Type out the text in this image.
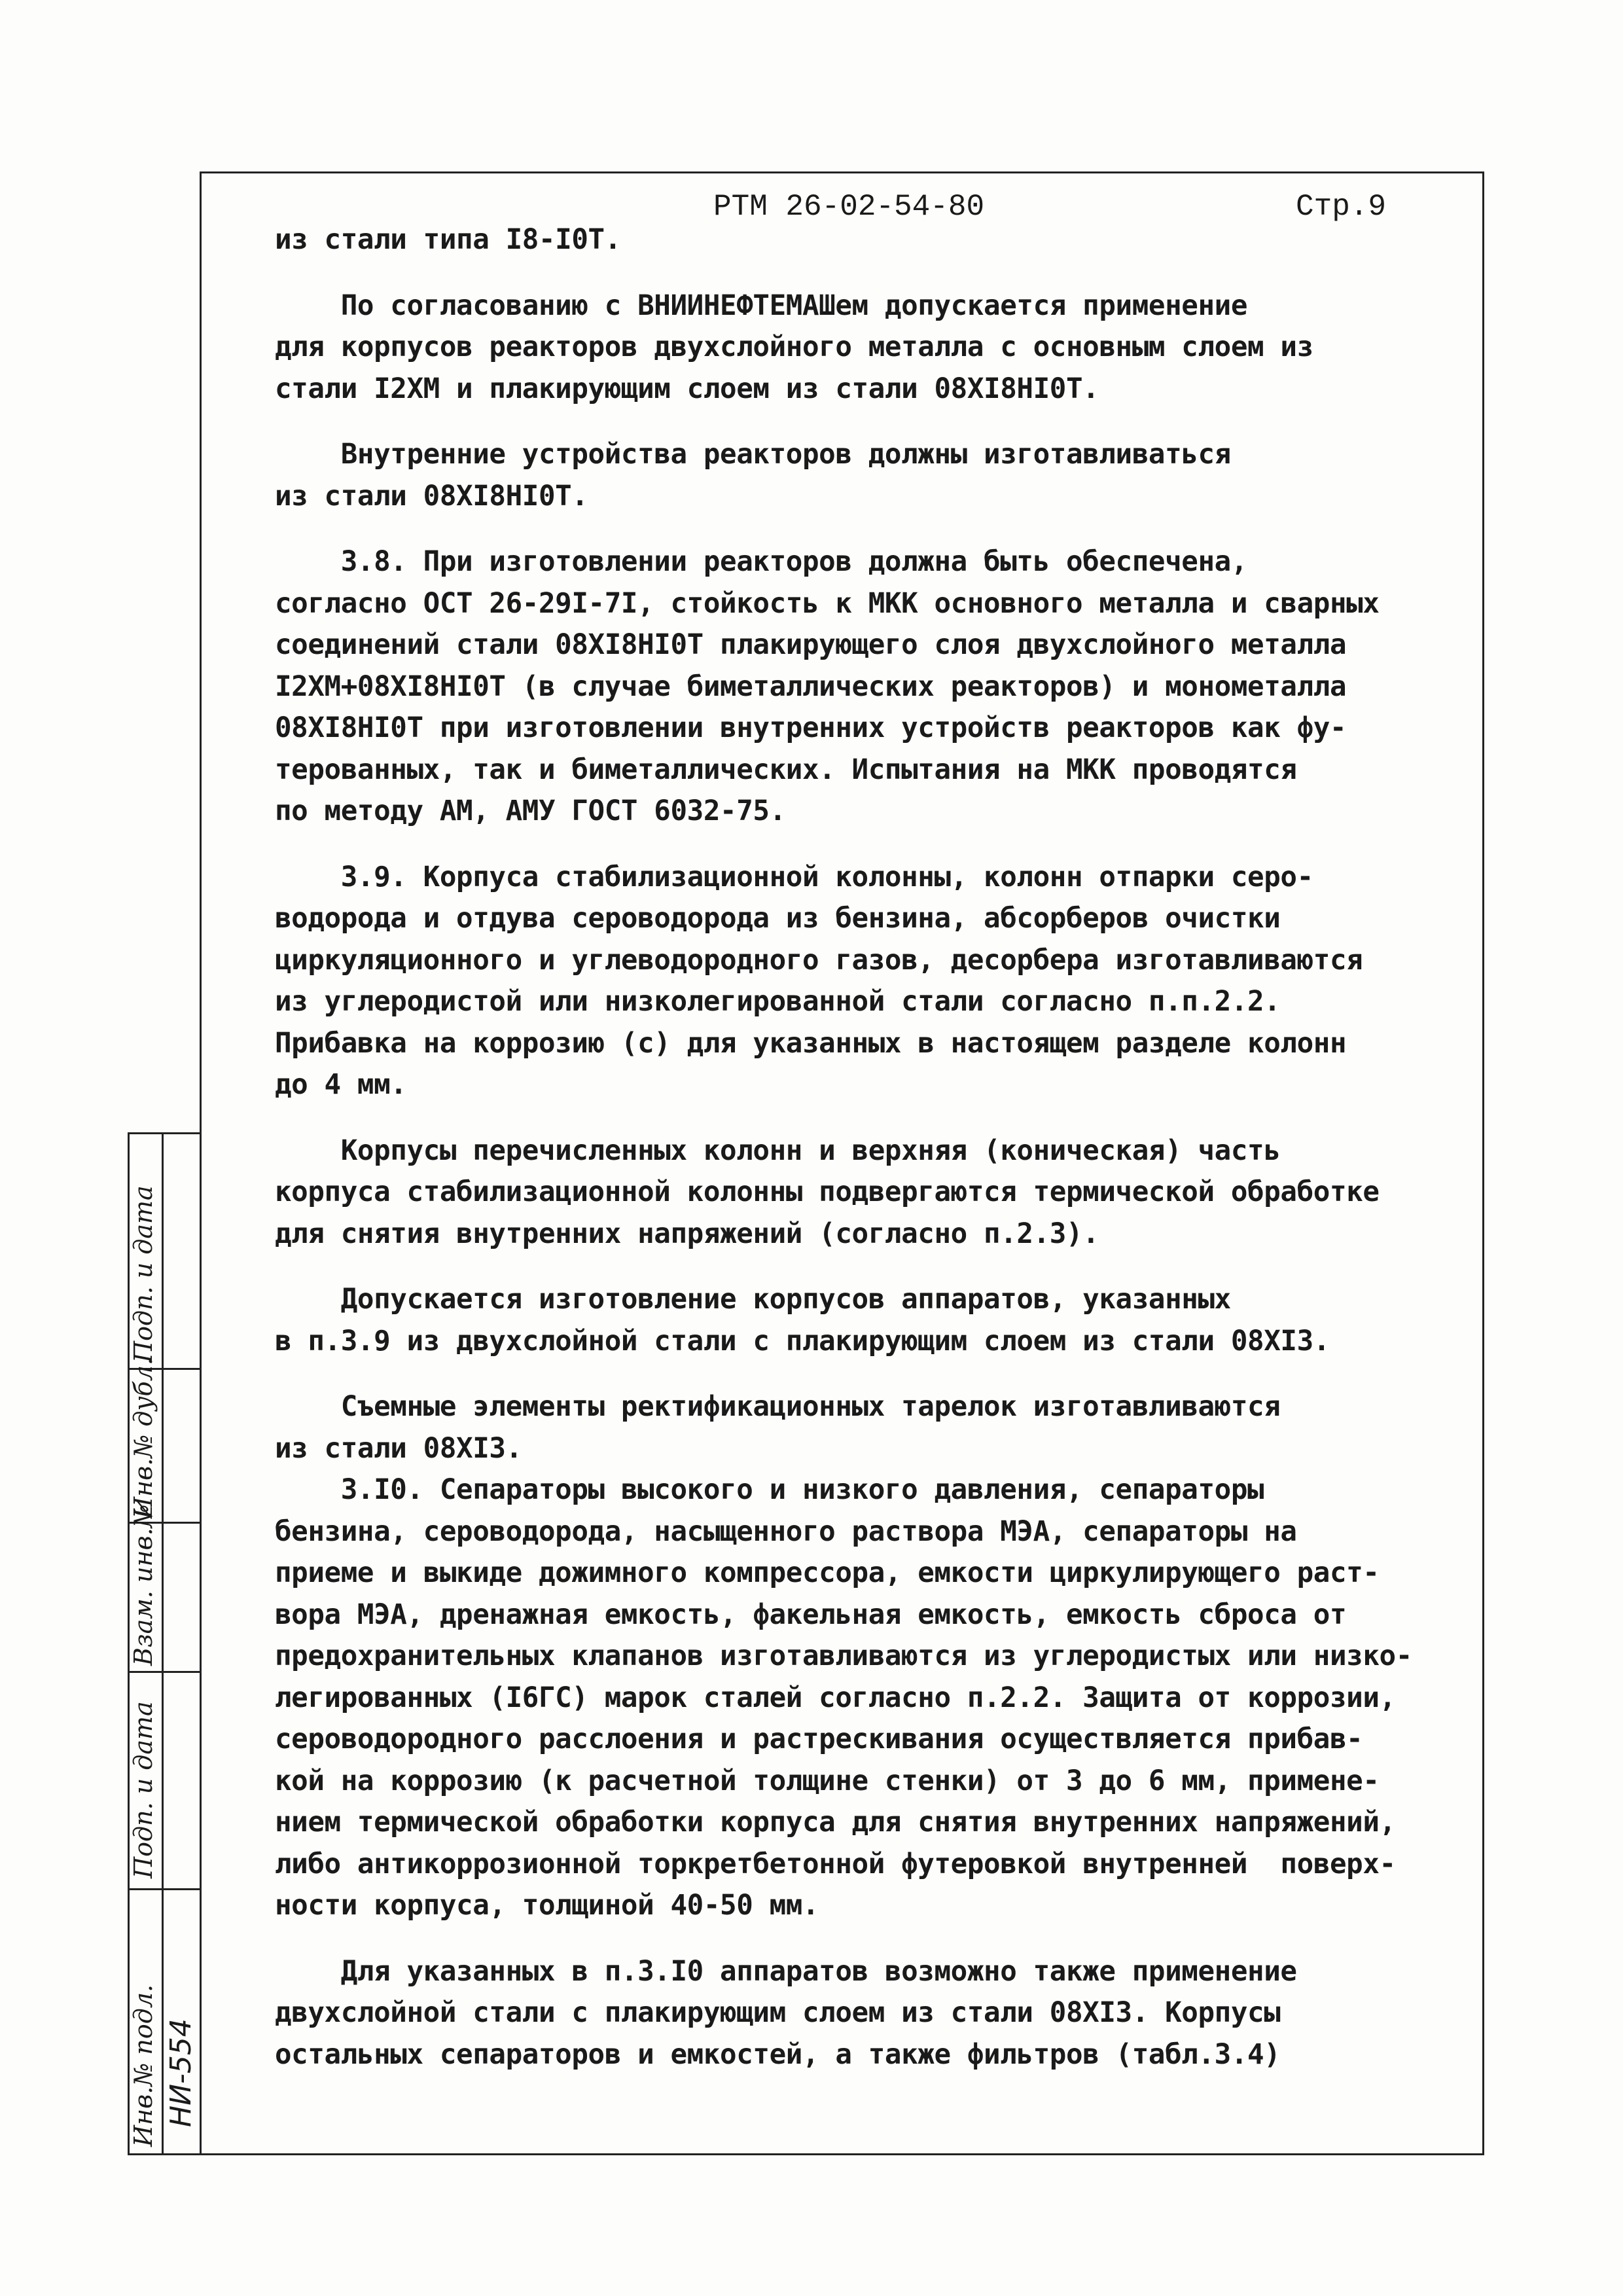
РТМ 26-02-54-80	Стр.9
из стали типа I8-I0Т.
По согласованию с ВНИИНЕФТЕМАШем допускается применение
для корпусов реакторов двухслойного металла с основным слоем из
стали I2ХМ и плакирующим слоем из стали 08ХI8НI0Т.
Внутренние устройства реакторов должны изготавливаться
из стали 08ХI8НI0Т.
3.8. При изготовлении реакторов должна быть обеспечена,
согласно ОСТ 26-29I-7I, стойкость к МКК основного металла и сварных
соединений стали 08ХI8НI0Т плакирующего слоя двухслойного металла
I2ХМ+08ХI8НI0Т (в случае биметаллических реакторов) и монометалла
08ХI8НI0Т при изготовлении внутренних устройств реакторов как фу-
терованных, так и биметаллических. Испытания на МКК проводятся
по методу АМ, АМУ ГОСТ 6032-75.
3.9. Корпуса стабилизационной колонны, колонн отпарки серо-
водорода и отдува сероводорода из бензина, абсорберов очистки
циркуляционного и углеводородного газов, десорбера изготавливаются
из углеродистой или низколегированной стали согласно п.п.2.2.
Прибавка на коррозию (с) для указанных в настоящем разделе колонн
до 4 мм.
Корпусы перечисленных колонн и верхняя (коническая) часть
корпуса стабилизационной колонны подвергаются термической обработке
для снятия внутренних напряжений (согласно п.2.3).
Допускается изготовление корпусов аппаратов, указанных
в п.3.9 из двухслойной стали с плакирующим слоем из стали 08ХI3.
Съемные элементы ректификационных тарелок изготавливаются
из стали 08ХI3.
3.I0. Сепараторы высокого и низкого давления, сепараторы
бензина, сероводорода, насыщенного раствора МЭА, сепараторы на
приеме и выкиде дожимного компрессора, емкости циркулирующего раст-
вора МЭА, дренажная емкость, факельная емкость, емкость сброса от
предохранительных клапанов изготавливаются из углеродистых или низко-
легированных (I6ГС) марок сталей согласно п.2.2. Защита от коррозии,
сероводородного расслоения и растрескивания осуществляется прибав-
кой на коррозию (к расчетной толщине стенки) от 3 до 6 мм, примене-
нием термической обработки корпуса для снятия внутренних напряжений,
либо антикоррозионной торкретбетонной футеровкой внутренней  поверх-
ности корпуса, толщиной 40-50 мм.
Для указанных в п.3.I0 аппаратов возможно также применение
двухслойной стали с плакирующим слоем из стали 08ХI3. Корпусы
остальных сепараторов и емкостей, а также фильтров (табл.3.4)
Инв.№ подл. НИ-554
Подп. и дата
Взам. инв.№
Инв.№ дубл.
Подп. и дата
